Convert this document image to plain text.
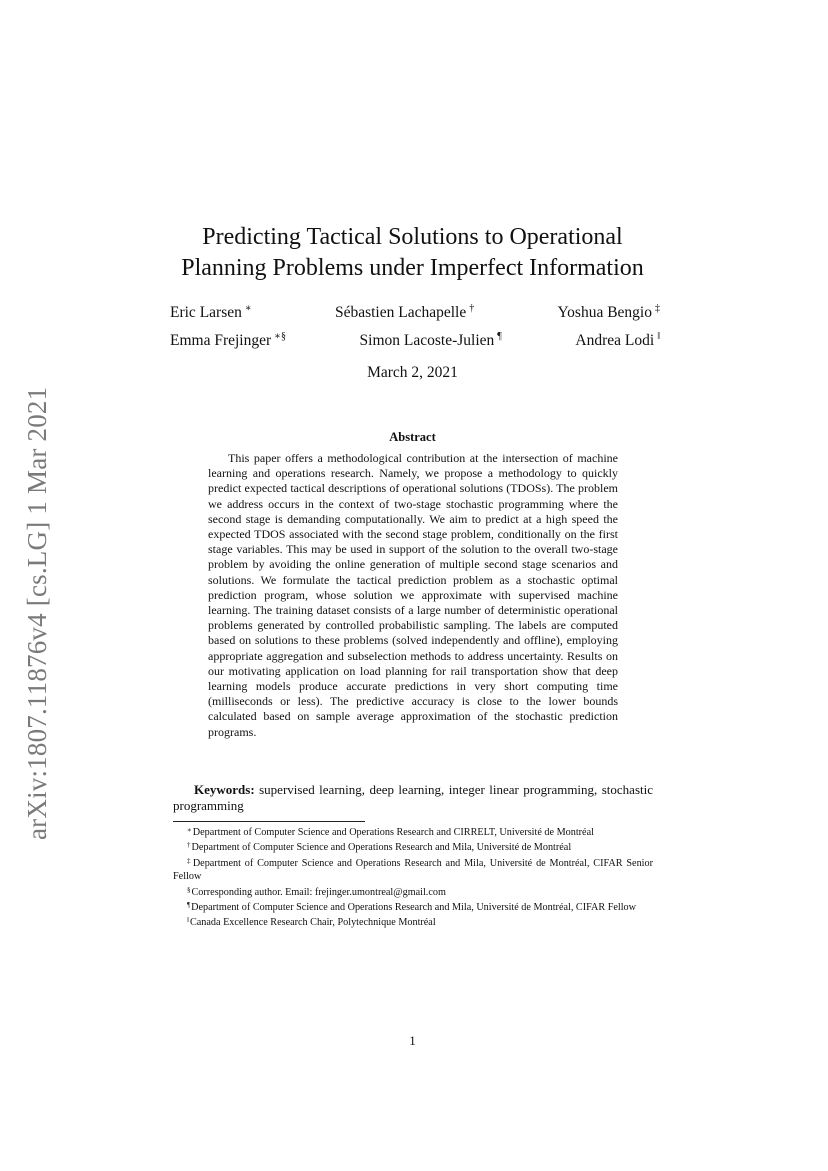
arXiv:1807.11876v4 [cs.LG] 1 Mar 2021
Predicting Tactical Solutions to Operational
Planning Problems under Imperfect Information
Eric Larsen ∗	Sébastien Lachapelle †	Yoshua Bengio ‡
Emma Frejinger ∗§	Simon Lacoste-Julien ¶	Andrea Lodi ‖
March 2, 2021
Abstract

This paper offers a methodological contribution at the intersection of machine learning and operations research. Namely, we propose a methodology to quickly predict expected tactical descriptions of operational solutions (TDOSs). The problem we address occurs in the context of two-stage stochastic programming where the second stage is demanding computationally. We aim to predict at a high speed the expected TDOS associated with the second stage problem, conditionally on the first stage variables. This may be used in support of the solution to the overall two-stage problem by avoiding the online generation of multiple second stage scenarios and solutions. We formulate the tactical prediction problem as a stochastic optimal prediction program, whose solution we approximate with supervised machine learning. The training dataset consists of a large number of deterministic operational problems generated by controlled probabilistic sampling. The labels are computed based on solutions to these problems (solved independently and offline), employing appropriate aggregation and subselection methods to address uncertainty. Results on our motivating application on load planning for rail transportation show that deep learning models produce accurate predictions in very short computing time (milliseconds or less). The predictive accuracy is close to the lower bounds calculated based on sample average approximation of the stochastic prediction programs.

Keywords: supervised learning, deep learning, integer linear programming, stochastic programming

∗Department of Computer Science and Operations Research and CIRRELT, Université de Montréal

†Department of Computer Science and Operations Research and Mila, Université de Montréal

‡Department of Computer Science and Operations Research and Mila, Université de Montréal, CIFAR Senior Fellow

§Corresponding author. Email: frejinger.umontreal@gmail.com

¶Department of Computer Science and Operations Research and Mila, Université de Montréal, CIFAR Fellow

‖Canada Excellence Research Chair, Polytechnique Montréal

1
